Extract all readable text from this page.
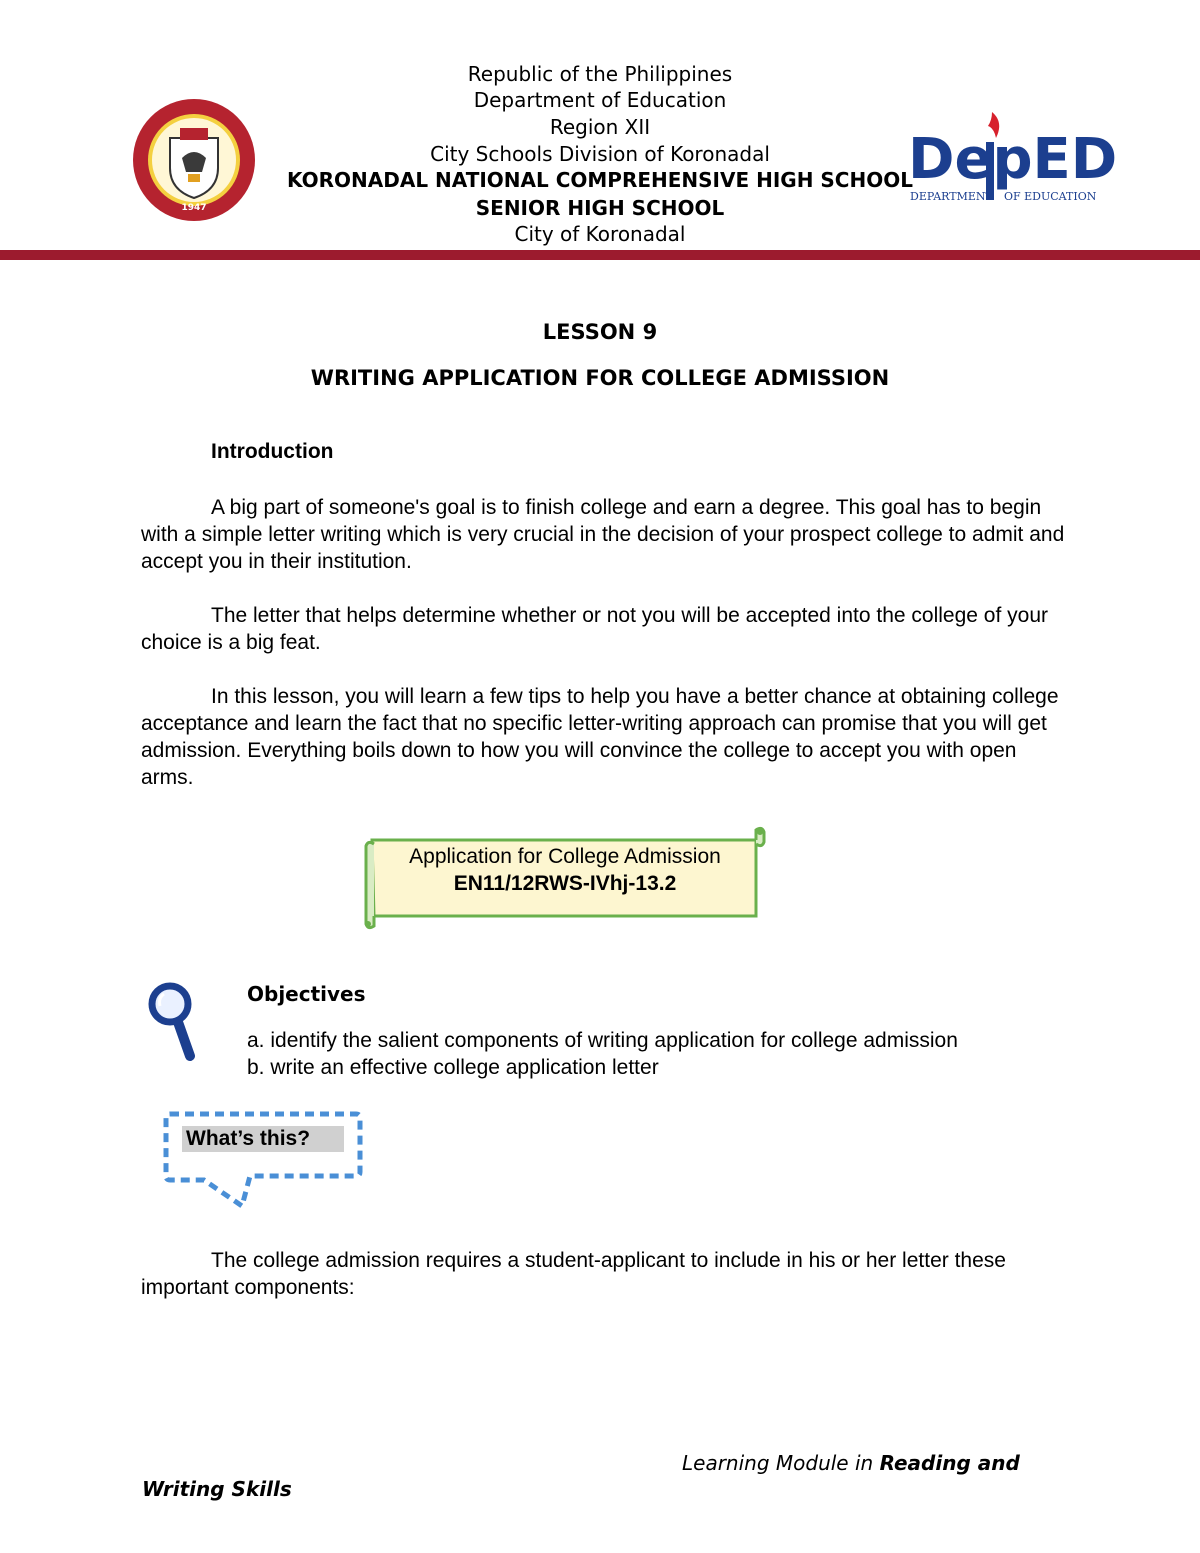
1947
Republic of the Philippines
Department of Education
Region XII
City Schools Division of Koronadal
KORONADAL NATIONAL COMPREHENSIVE HIGH SCHOOL
SENIOR HIGH SCHOOL
City of Koronadal
DepED
DEPARTMENT OF EDUCATION
LESSON 9
WRITING APPLICATION FOR COLLEGE ADMISSION
Introduction

A big part of someone's goal is to finish college and earn a degree. This goal has to begin with a simple letter writing which is very crucial in the decision of your prospect college to admit and accept you in their institution.

The letter that helps determine whether or not you will be accepted into the college of your choice is a big feat.

In this lesson, you will learn a few tips to help you have a better chance at obtaining college acceptance and learn the fact that no specific letter-writing approach can promise that you will get admission. Everything boils down to how you will convince the college to accept you with open arms.

Application for College Admission
EN11/12RWS-IVhj-13.2
Objectives
a. identify the salient components of writing application for college admission
b. write an effective college application letter
What’s this?

The college admission requires a student-applicant to include in his or her letter these important components:

Learning Module in Reading and
Writing Skills
